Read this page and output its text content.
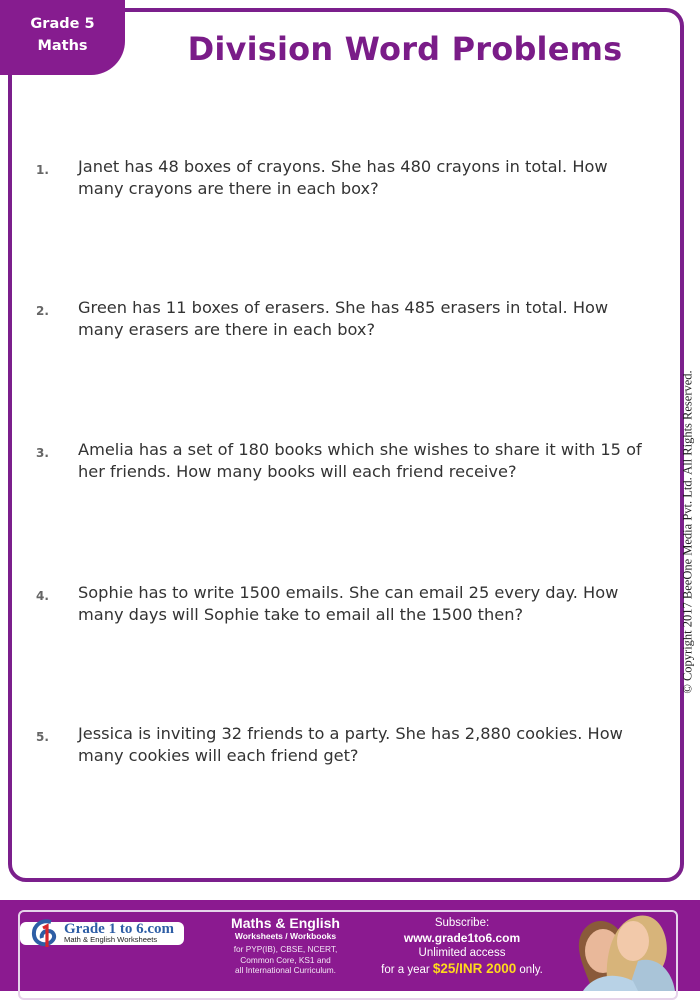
Grade 5
Maths	Division Word Problems
1.	Janet has 48 boxes of crayons. She has 480 crayons in total. How many crayons are there in each box?
2.	Green has 11 boxes of erasers. She has 485 erasers in total. How many erasers are there in each box?
3.	Amelia has a set of 180 books which she wishes to share it with 15 of her friends. How many books will each friend receive?
4.	Sophie has to write 1500 emails. She can email 25 every day. How many days will Sophie take to email all the 1500 then?
5.	Jessica is inviting 32 friends to a party. She has 2,880 cookies. How many cookies will each friend get?
© Copyright 2017 BeeOne Media Pvt. Ltd. All Rights Reserved.
Grade 1 to 6.com
Math & English Worksheets
Maths & English
Worksheets / Workbooks
for PYP(IB), CBSE, NCERT,
Common Core, KS1 and
all International Curriculum.
Subscribe:
www.grade1to6.com
Unlimited access
for a year $25/INR 2000 only.
